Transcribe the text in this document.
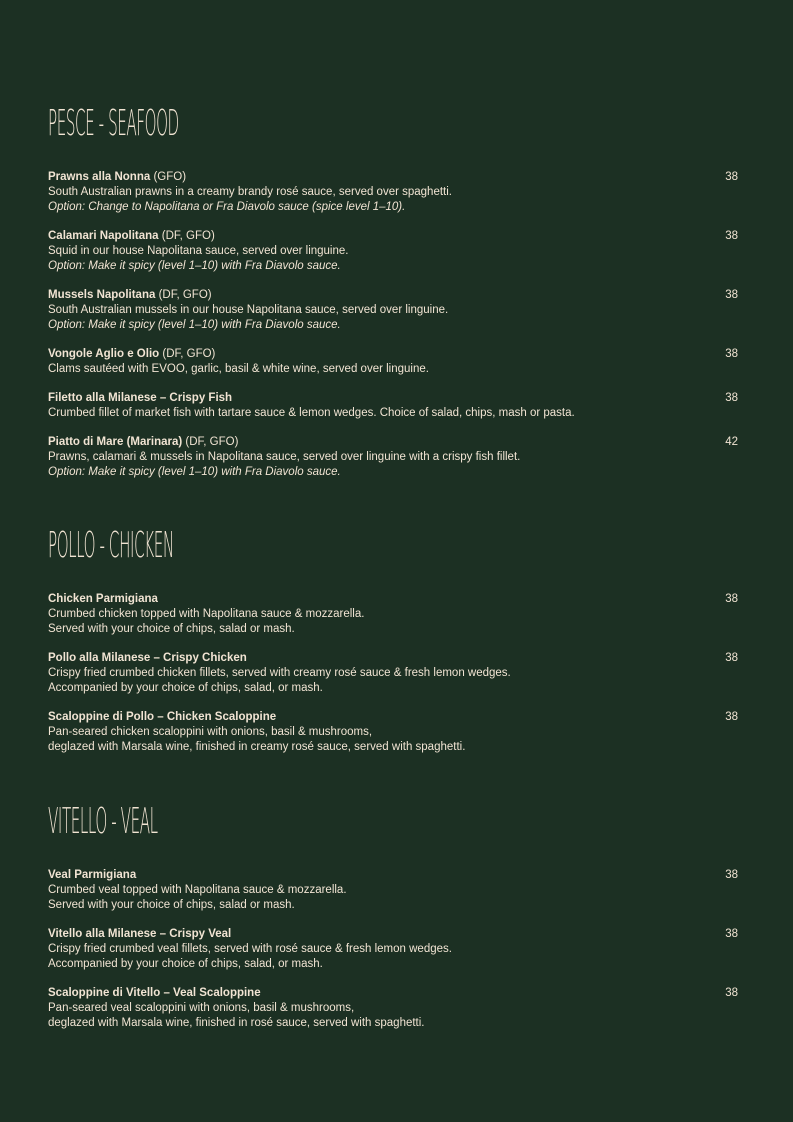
PESCE - SEAFOOD
Prawns alla Nonna (GFO)	38
South Australian prawns in a creamy brandy rosé sauce, served over spaghetti.
Option: Change to Napolitana or Fra Diavolo sauce (spice level 1–10).
Calamari Napolitana (DF, GFO)	38
Squid in our house Napolitana sauce, served over linguine.
Option: Make it spicy (level 1–10) with Fra Diavolo sauce.
Mussels Napolitana (DF, GFO)	38
South Australian mussels in our house Napolitana sauce, served over linguine.
Option: Make it spicy (level 1–10) with Fra Diavolo sauce.
Vongole Aglio e Olio (DF, GFO)	38
Clams sautéed with EVOO, garlic, basil & white wine, served over linguine.
Filetto alla Milanese – Crispy Fish	38
Crumbed fillet of market fish with tartare sauce & lemon wedges. Choice of salad, chips, mash or pasta.
Piatto di Mare (Marinara) (DF, GFO)	42
Prawns, calamari & mussels in Napolitana sauce, served over linguine with a crispy fish fillet.
Option: Make it spicy (level 1–10) with Fra Diavolo sauce.
POLLO - CHICKEN
Chicken Parmigiana	38
Crumbed chicken topped with Napolitana sauce & mozzarella.
Served with your choice of chips, salad or mash.
Pollo alla Milanese – Crispy Chicken	38
Crispy fried crumbed chicken fillets, served with creamy rosé sauce & fresh lemon wedges.
Accompanied by your choice of chips, salad, or mash.
Scaloppine di Pollo – Chicken Scaloppine	38
Pan-seared chicken scaloppini with onions, basil & mushrooms,
deglazed with Marsala wine, finished in creamy rosé sauce, served with spaghetti.
VITELLO - VEAL
Veal Parmigiana	38
Crumbed veal topped with Napolitana sauce & mozzarella.
Served with your choice of chips, salad or mash.
Vitello alla Milanese – Crispy Veal	38
Crispy fried crumbed veal fillets, served with rosé sauce & fresh lemon wedges.
Accompanied by your choice of chips, salad, or mash.
Scaloppine di Vitello – Veal Scaloppine	38
Pan-seared veal scaloppini with onions, basil & mushrooms,
deglazed with Marsala wine, finished in rosé sauce, served with spaghetti.
